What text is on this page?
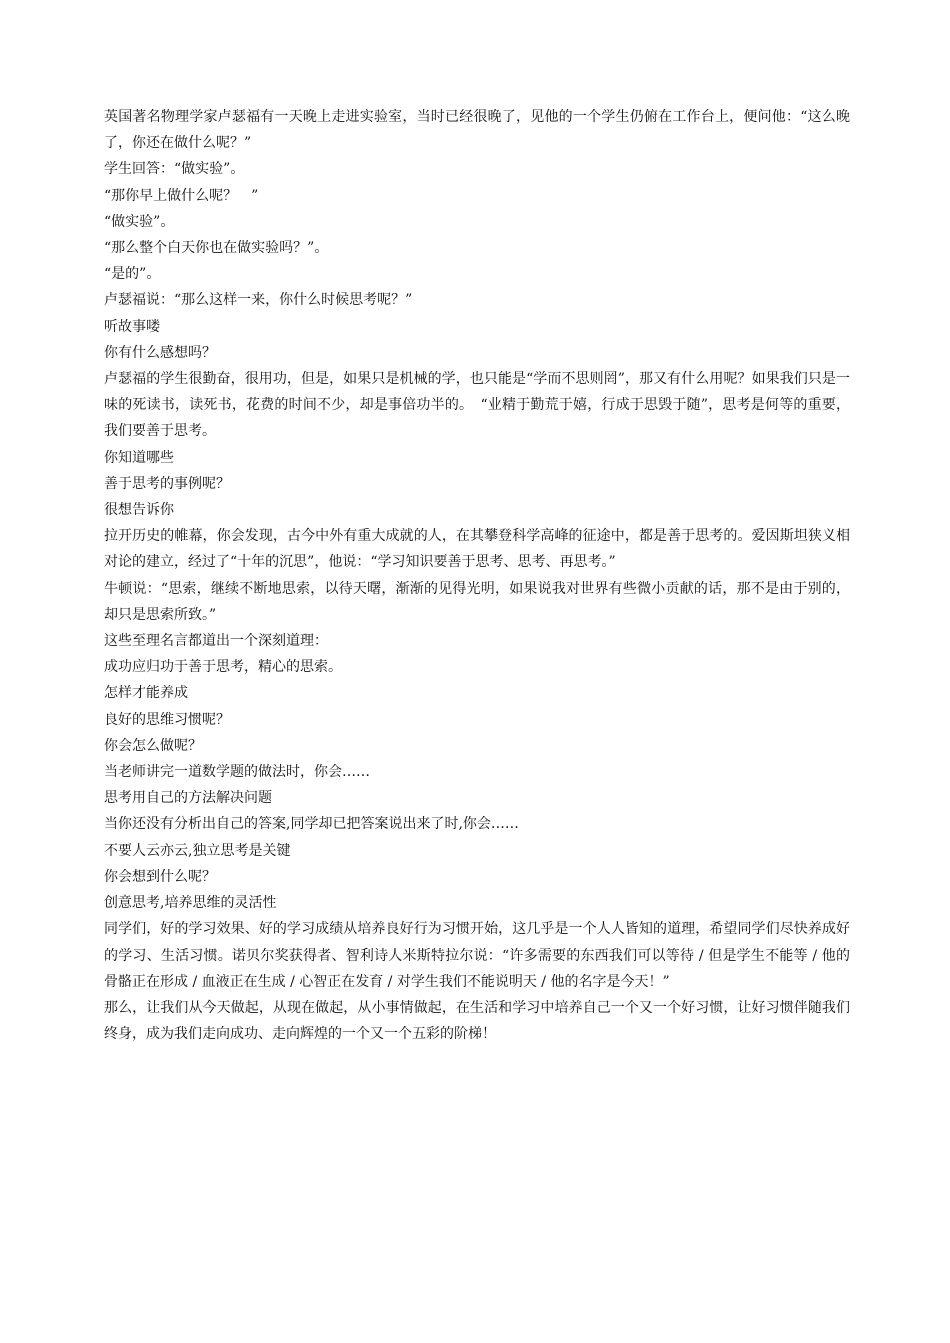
英国著名物理学家卢瑟福有一天晚上走进实验室，当时已经很晚了，见他的一个学生仍俯在工作台上，便问他：“这么晚了，你还在做什么呢？”

学生回答：“做实验”。

“那你早上做什么呢？　”

“做实验”。

“那么整个白天你也在做实验吗？”。

“是的”。

卢瑟福说：“那么这样一来，你什么时候思考呢？”

听故事喽

你有什么感想吗？

卢瑟福的学生很勤奋，很用功，但是，如果只是机械的学，也只能是“学而不思则罔”，那又有什么用呢？如果我们只是一味的死读书，读死书，花费的时间不少，却是事倍功半的。　“业精于勤荒于嬉，行成于思毁于随”，思考是何等的重要，我们要善于思考。

你知道哪些

善于思考的事例呢？

很想告诉你

拉开历史的帷幕，你会发现，古今中外有重大成就的人，在其攀登科学高峰的征途中，都是善于思考的。爱因斯坦狭义相对论的建立，经过了“十年的沉思”，他说：“学习知识要善于思考、思考、再思考。”

牛顿说：“思索，继续不断地思索，以待天曙，渐渐的见得光明，如果说我对世界有些微小贡献的话，那不是由于别的，却只是思索所致。”

这些至理名言都道出一个深刻道理：

成功应归功于善于思考，精心的思索。

怎样才能养成

良好的思维习惯呢？

你会怎么做呢？

当老师讲完一道数学题的做法时，你会……

思考用自己的方法解决问题

当你还没有分析出自己的答案,同学却已把答案说出来了时,你会……

不要人云亦云,独立思考是关键

你会想到什么呢？

创意思考,培养思维的灵活性

同学们，好的学习效果、好的学习成绩从培养良好行为习惯开始，这几乎是一个人人皆知的道理，希望同学们尽快养成好的学习、生活习惯。诺贝尔奖获得者、智利诗人米斯特拉尔说：“许多需要的东西我们可以等待 / 但是学生不能等 / 他的骨骼正在形成 / 血液正在生成 / 心智正在发育 / 对学生我们不能说明天 / 他的名字是今天！”

那么，让我们从今天做起，从现在做起，从小事情做起，在生活和学习中培养自己一个又一个好习惯，让好习惯伴随我们终身，成为我们走向成功、走向辉煌的一个又一个五彩的阶梯！
